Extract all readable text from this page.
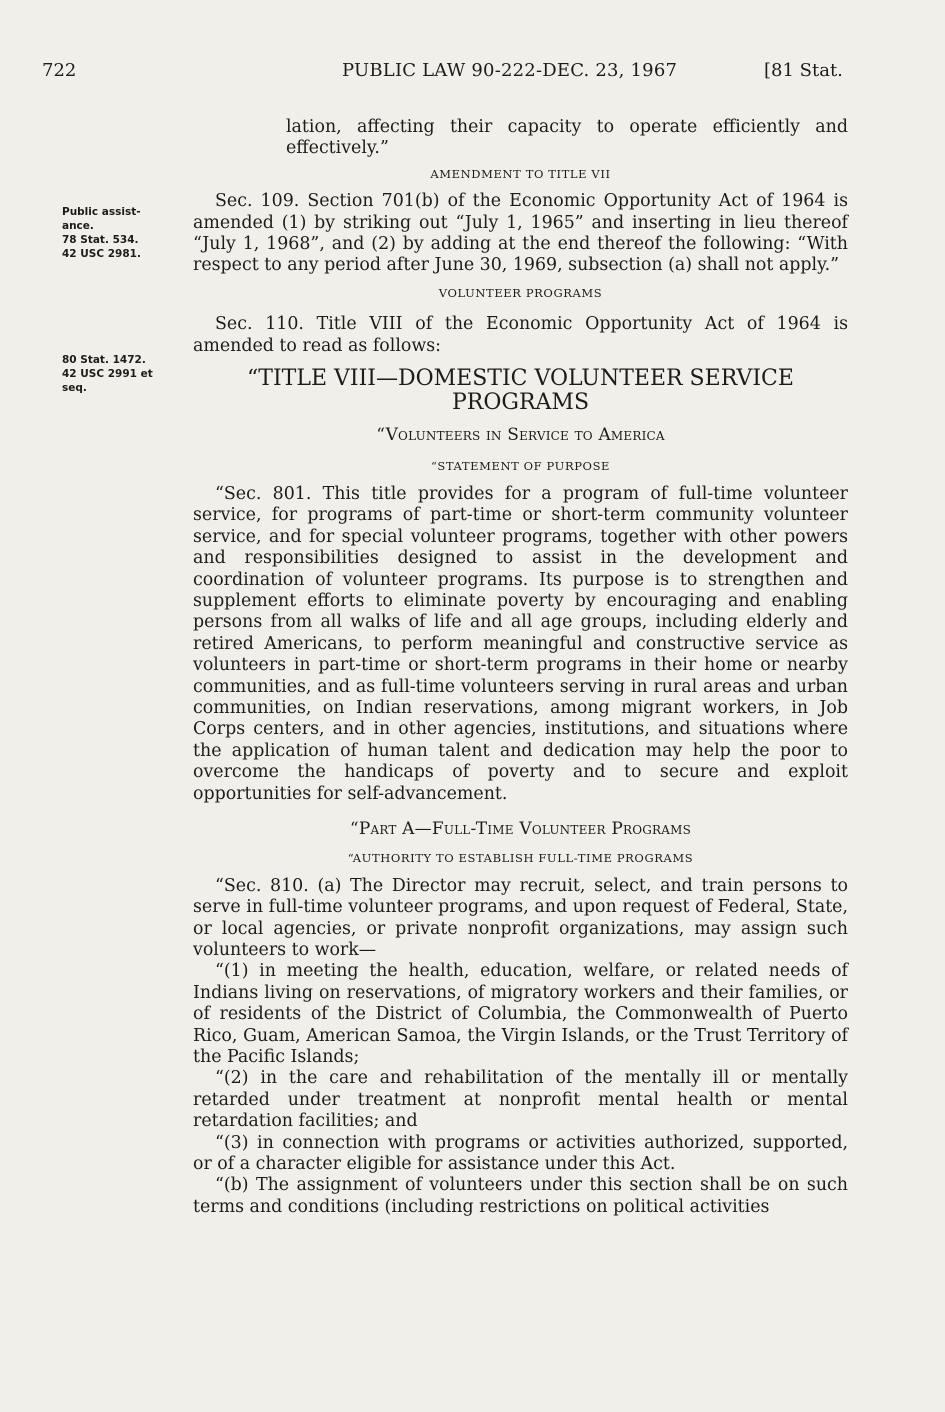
722	PUBLIC LAW 90-222-DEC. 23, 1967	[81 Stat.
Public assist-
ance.
78 Stat. 534.
42 USC 2981.
80 Stat. 1472.
42 USC 2991 et
seq.

lation, affecting their capacity to operate efficiently and effectively.”

AMENDMENT TO TITLE VII

Sec. 109. Section 701(b) of the Economic Opportunity Act of 1964 is amended (1) by striking out “July 1, 1965” and inserting in lieu thereof “July 1, 1968”, and (2) by adding at the end thereof the following: “With respect to any period after June 30, 1969, subsection (a) shall not apply.”

VOLUNTEER PROGRAMS

Sec. 110. Title VIII of the Economic Opportunity Act of 1964 is amended to read as follows:

“TITLE VIII—DOMESTIC VOLUNTEER SERVICE PROGRAMS
“Volunteers in Service to America
“STATEMENT OF PURPOSE

“Sec. 801. This title provides for a program of full-time volunteer service, for programs of part-time or short-term community volunteer service, and for special volunteer programs, together with other powers and responsibilities designed to assist in the development and coordination of volunteer programs. Its purpose is to strengthen and supplement efforts to eliminate poverty by encouraging and enabling persons from all walks of life and all age groups, including elderly and retired Americans, to perform meaningful and constructive service as volunteers in part-time or short-term programs in their home or nearby communities, and as full-time volunteers serving in rural areas and urban communities, on Indian reservations, among migrant workers, in Job Corps centers, and in other agencies, institutions, and situations where the application of human talent and dedication may help the poor to overcome the handicaps of poverty and to secure and exploit opportunities for self-advancement.

“Part A—Full-Time Volunteer Programs
“AUTHORITY TO ESTABLISH FULL-TIME PROGRAMS

“Sec. 810. (a) The Director may recruit, select, and train persons to serve in full-time volunteer programs, and upon request of Federal, State, or local agencies, or private nonprofit organizations, may assign such volunteers to work—

“(1) in meeting the health, education, welfare, or related needs of Indians living on reservations, of migratory workers and their families, or of residents of the District of Columbia, the Commonwealth of Puerto Rico, Guam, American Samoa, the Virgin Islands, or the Trust Territory of the Pacific Islands;

“(2) in the care and rehabilitation of the mentally ill or mentally retarded under treatment at nonprofit mental health or mental retardation facilities; and

“(3) in connection with programs or activities authorized, supported, or of a character eligible for assistance under this Act.

“(b) The assignment of volunteers under this section shall be on such terms and conditions (including restrictions on political activities
